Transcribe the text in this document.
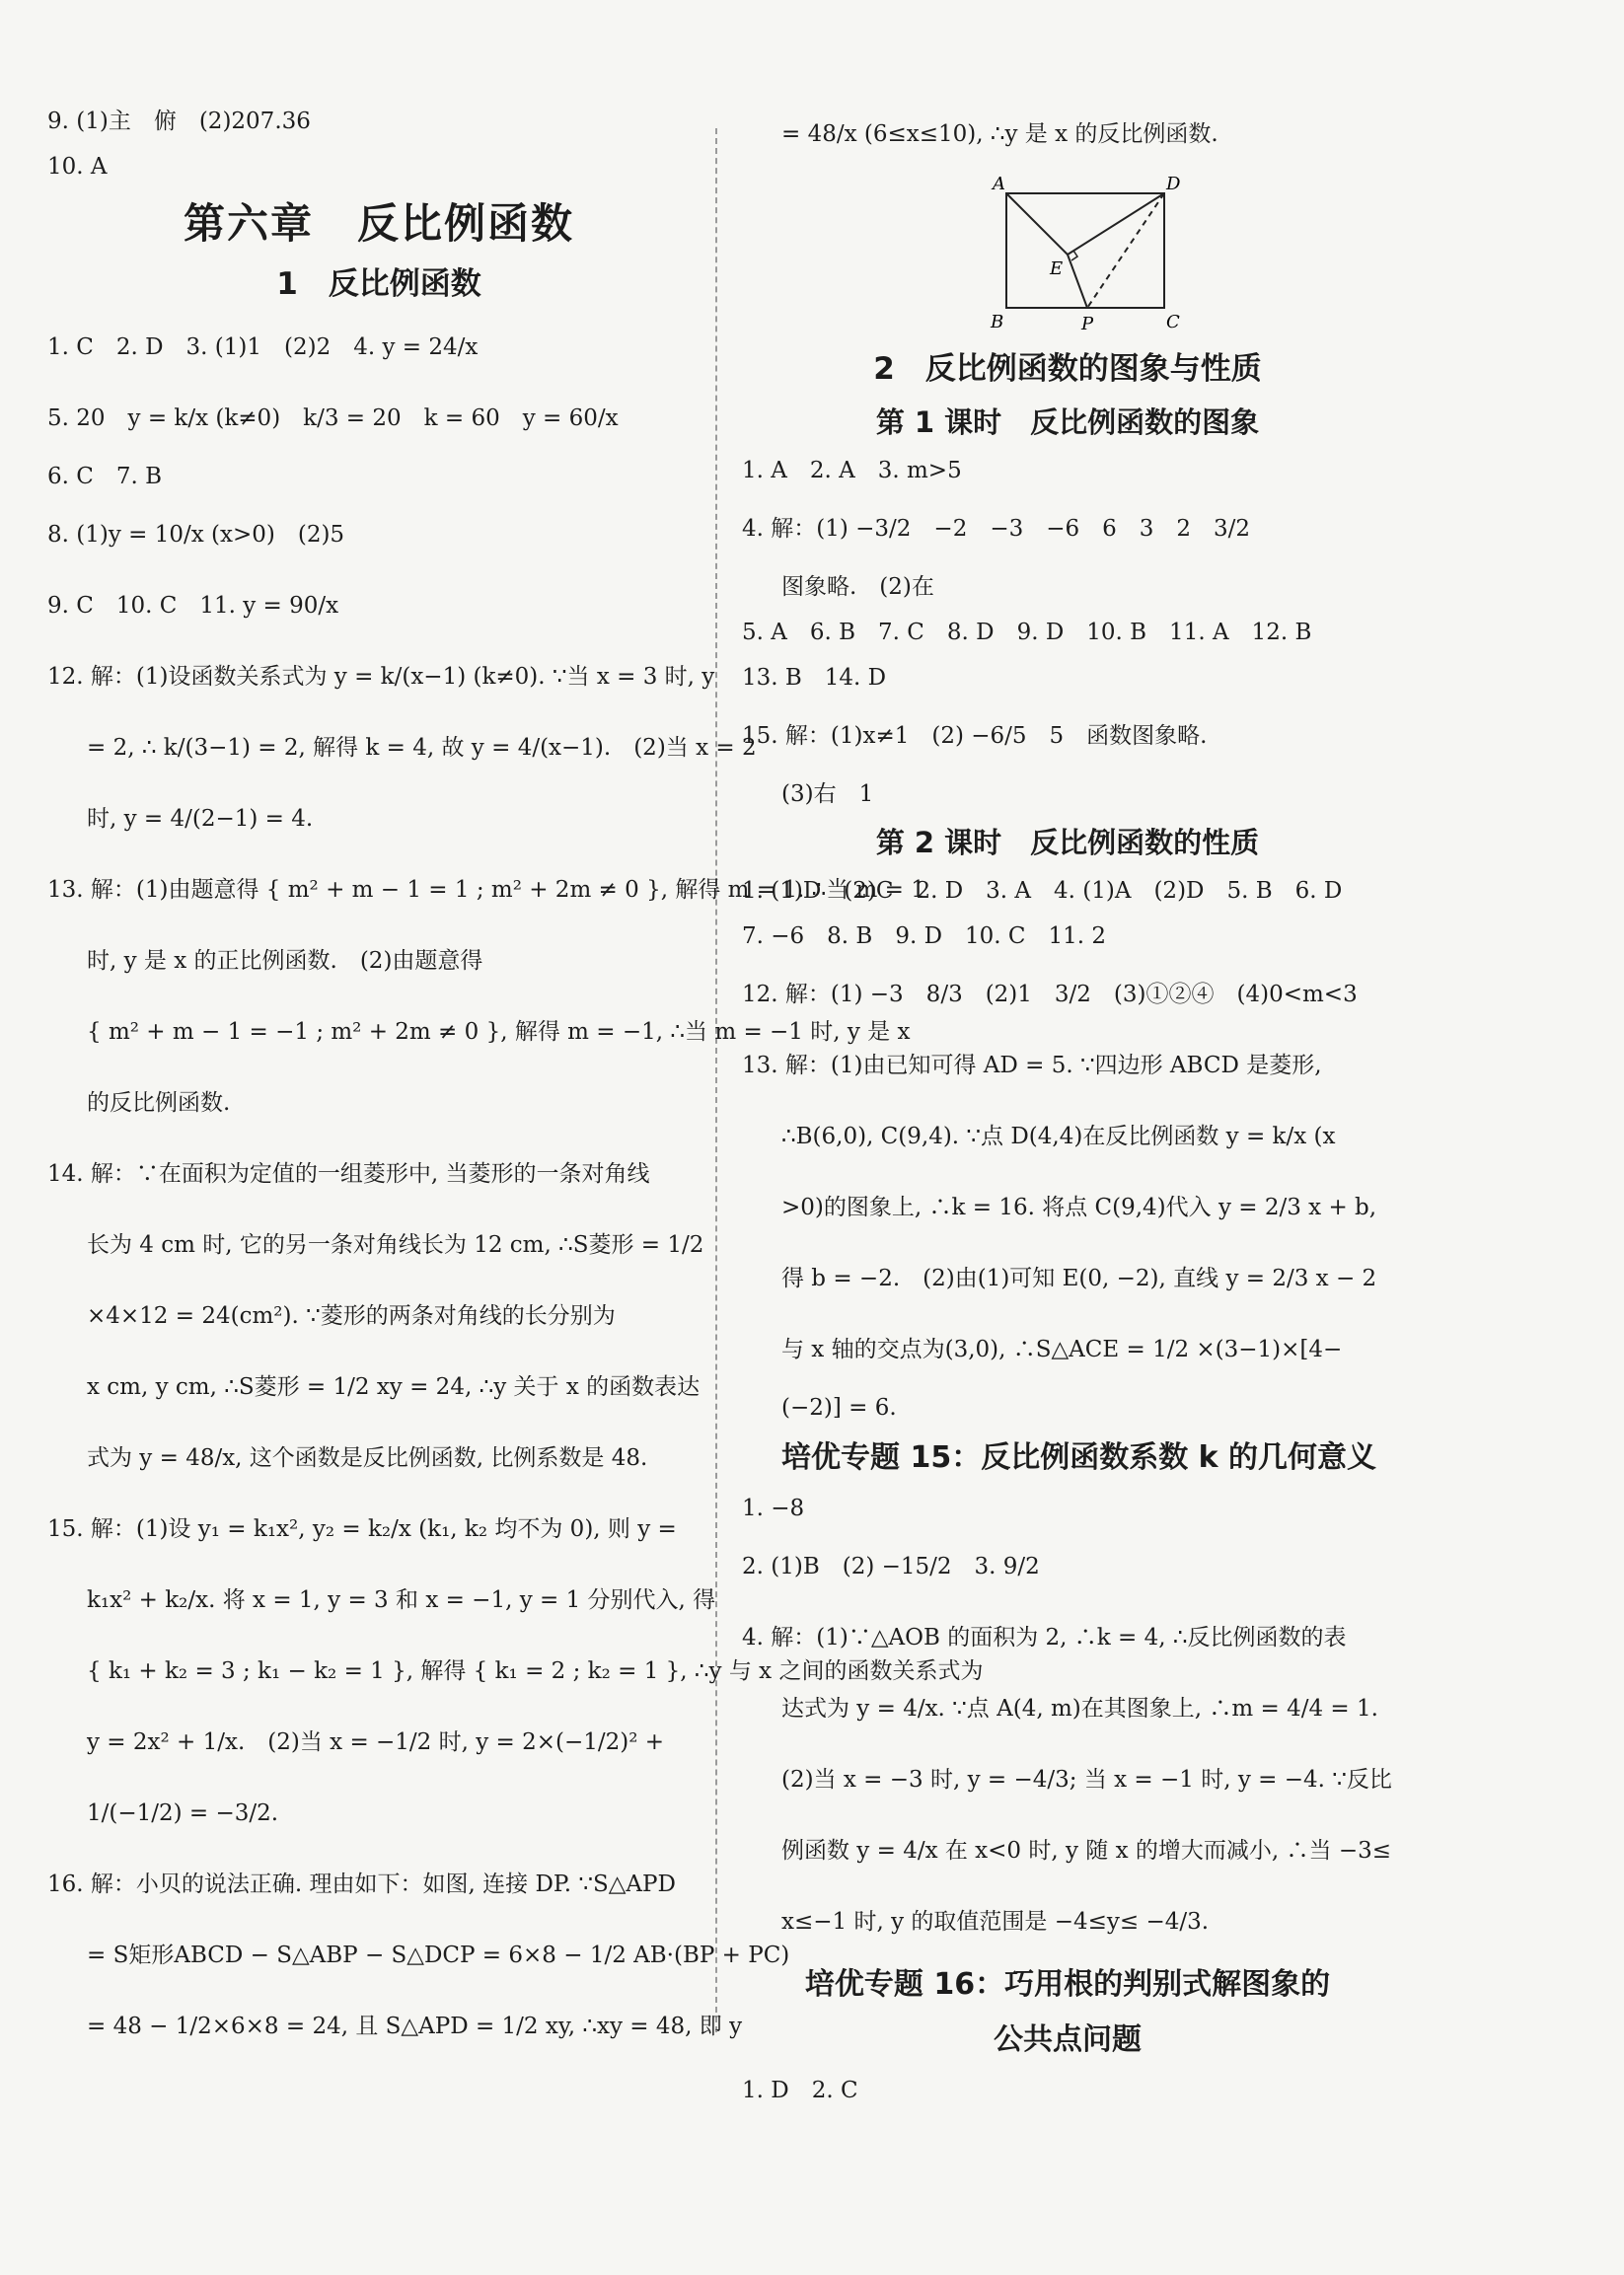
9. (1)主　俯　(2)207.36
10. A
第六章　反比例函数
1　反比例函数
1. C　2. D　3. (1)1　(2)2　4. y = 24/x
5. 20　y = k/x (k≠0)　k/3 = 20　k = 60　y = 60/x
6. C　7. B
8. (1)y = 10/x (x>0)　(2)5
9. C　10. C　11. y = 90/x
12. 解：(1)设函数关系式为 y = k/(x−1) (k≠0). ∵当 x = 3 时, y
= 2, ∴ k/(3−1) = 2, 解得 k = 4, 故 y = 4/(x−1).　(2)当 x = 2
时, y = 4/(2−1) = 4.
13. 解：(1)由题意得 { m² + m − 1 = 1 ; m² + 2m ≠ 0 }, 解得 m = 1. ∴当 m = 1
时, y 是 x 的正比例函数.　(2)由题意得
{ m² + m − 1 = −1 ; m² + 2m ≠ 0 }, 解得 m = −1, ∴当 m = −1 时, y 是 x
的反比例函数.
14. 解：∵在面积为定值的一组菱形中, 当菱形的一条对角线
长为 4 cm 时, 它的另一条对角线长为 12 cm, ∴S菱形 = 1/2
×4×12 = 24(cm²). ∵菱形的两条对角线的长分别为
x cm, y cm, ∴S菱形 = 1/2 xy = 24, ∴y 关于 x 的函数表达
式为 y = 48/x, 这个函数是反比例函数, 比例系数是 48.
15. 解：(1)设 y₁ = k₁x², y₂ = k₂/x (k₁, k₂ 均不为 0), 则 y =
k₁x² + k₂/x. 将 x = 1, y = 3 和 x = −1, y = 1 分别代入, 得
{ k₁ + k₂ = 3 ; k₁ − k₂ = 1 }, 解得 { k₁ = 2 ; k₂ = 1 }, ∴y 与 x 之间的函数关系式为
y = 2x² + 1/x.　(2)当 x = −1/2 时, y = 2×(−1/2)² +
1/(−1/2) = −3/2.
16. 解：小贝的说法正确. 理由如下：如图, 连接 DP. ∵S△APD
= S矩形ABCD − S△ABP − S△DCP = 6×8 − 1/2 AB·(BP + PC)
= 48 − 1/2×6×8 = 24, 且 S△APD = 1/2 xy, ∴xy = 48, 即 y
= 48/x (6≤x≤10), ∴y 是 x 的反比例函数.
A	D
E
B	P	C
2　反比例函数的图象与性质
第 1 课时　反比例函数的图象
1. A　2. A　3. m>5
4. 解：(1) −3/2　−2　−3　−6　6　3　2　3/2
图象略.　(2)在
5. A　6. B　7. C　8. D　9. D　10. B　11. A　12. B
13. B　14. D
15. 解：(1)x≠1　(2) −6/5　5　函数图象略.
(3)右　1
第 2 课时　反比例函数的性质
1. (1)D　(2)C　2. D　3. A　4. (1)A　(2)D　5. B　6. D
7. −6　8. B　9. D　10. C　11. 2
12. 解：(1) −3　8/3　(2)1　3/2　(3)①②④　(4)0<m<3
13. 解：(1)由已知可得 AD = 5. ∵四边形 ABCD 是菱形,
∴B(6,0), C(9,4). ∵点 D(4,4)在反比例函数 y = k/x (x
>0)的图象上, ∴k = 16. 将点 C(9,4)代入 y = 2/3 x + b,
得 b = −2.　(2)由(1)可知 E(0, −2), 直线 y = 2/3 x − 2
与 x 轴的交点为(3,0), ∴S△ACE = 1/2 ×(3−1)×[4−
(−2)] = 6.
培优专题 15：反比例函数系数 k 的几何意义
1. −8
2. (1)B　(2) −15/2　3. 9/2
4. 解：(1)∵△AOB 的面积为 2, ∴k = 4, ∴反比例函数的表
达式为 y = 4/x. ∵点 A(4, m)在其图象上, ∴m = 4/4 = 1.
(2)当 x = −3 时, y = −4/3; 当 x = −1 时, y = −4. ∵反比
例函数 y = 4/x 在 x<0 时, y 随 x 的增大而减小, ∴当 −3≤
x≤−1 时, y 的取值范围是 −4≤y≤ −4/3.
培优专题 16：巧用根的判别式解图象的
公共点问题
1. D　2. C
